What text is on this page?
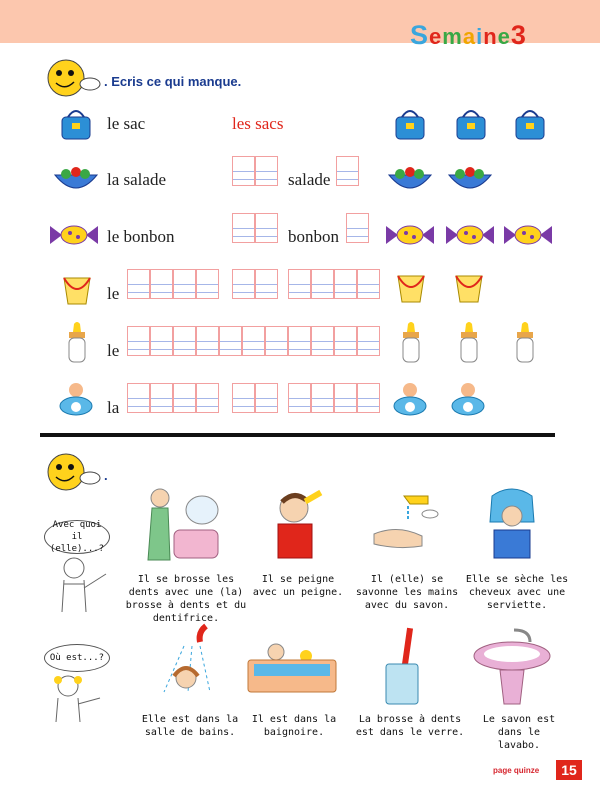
Semaine3
. Ecris ce qui manque.
le sac	les sacs
la salade	salade
le bonbon	bonbon
le
le
la
.
Avec quoi il (elle)...?
Où est...?
Il se brosse les dents avec une (la) brosse à dents et du dentifrice.
Il se peigne avec un peigne.
Il (elle) se savonne les mains avec du savon.
Elle se sèche les cheveux avec une serviette.
Elle est dans la salle de bains.
Il est dans la baignoire.
La brosse à dents est dans le verre.
Le savon est dans le lavabo.
page quinze	15
